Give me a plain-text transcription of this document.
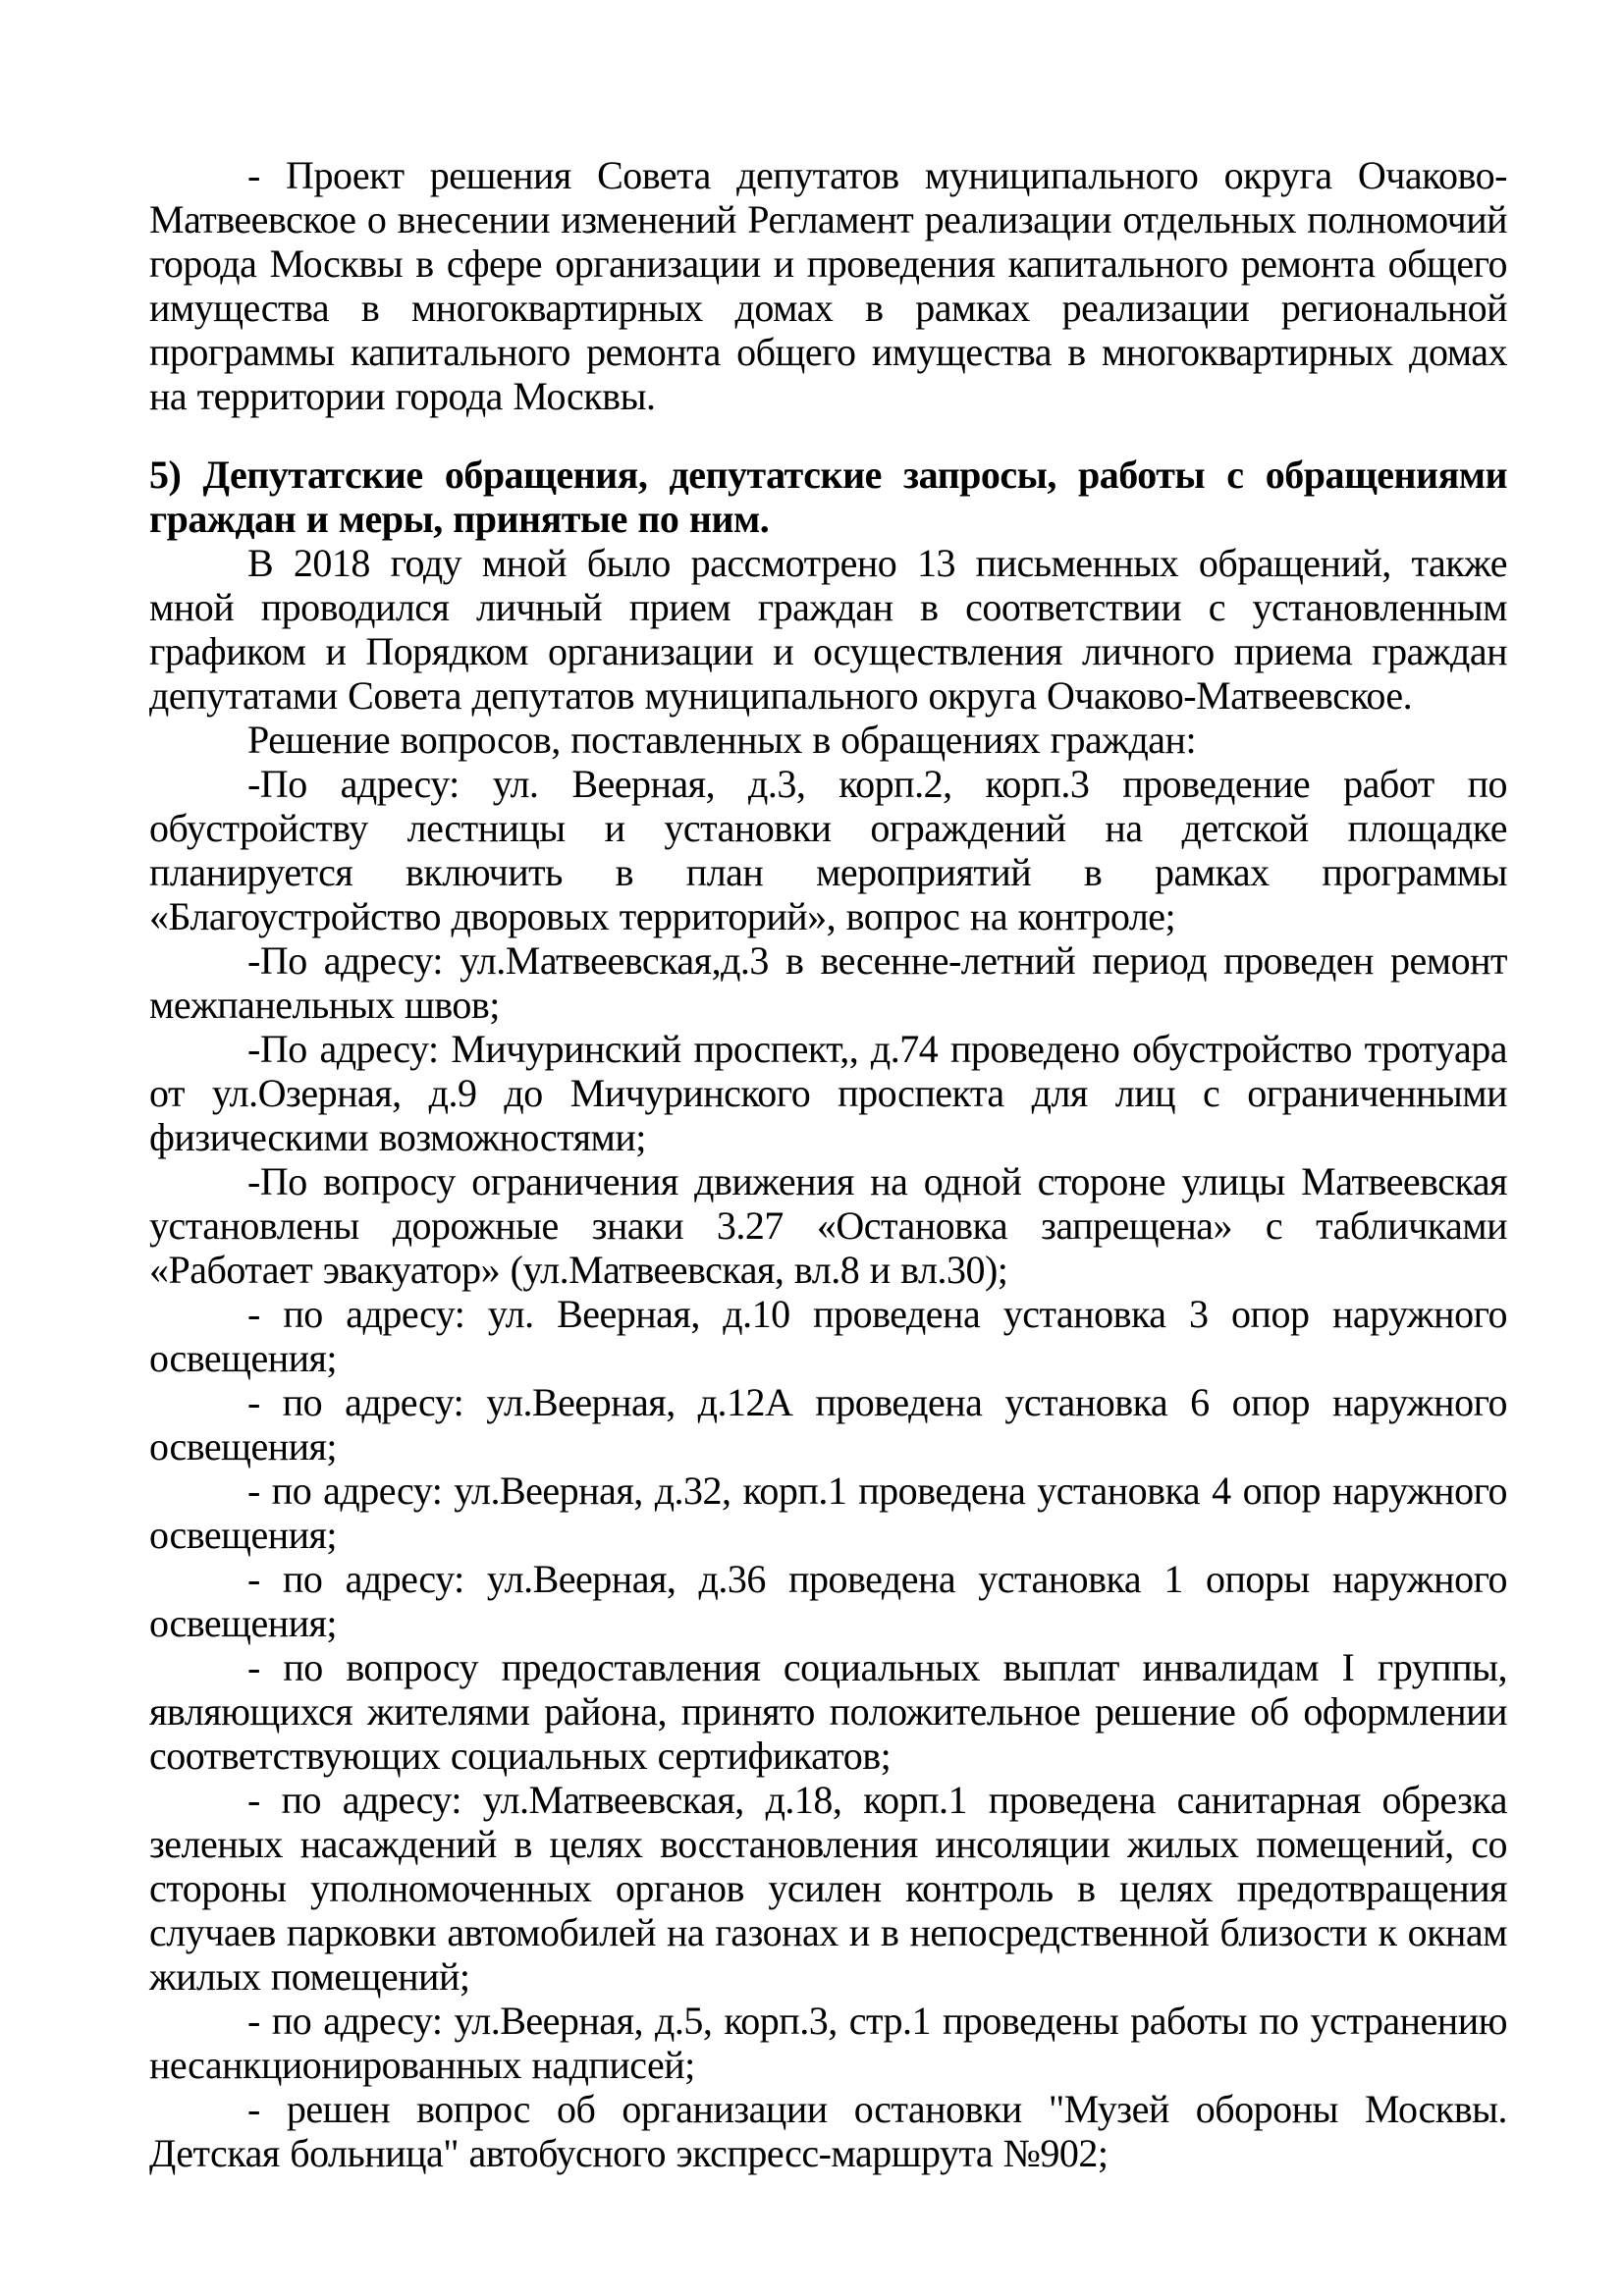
- Проект решения Совета депутатов муниципального округа Очаково-Матвеевское о внесении изменений Регламент реализации отдельных полномочий города Москвы в сфере организации и проведения капитального ремонта общего имущества в многоквартирных домах в рамках реализации региональной программы капитального ремонта общего имущества в многоквартирных домах на территории города Москвы.

5) Депутатские обращения, депутатские запросы, работы с обращениями граждан и меры, принятые по ним.

В 2018 году мной было рассмотрено 13 письменных обращений, также мной проводился личный прием граждан в соответствии с установленным графиком и Порядком организации и осуществления личного приема граждан депутатами Совета депутатов муниципального округа Очаково-Матвеевское.

Решение вопросов, поставленных в обращениях граждан:

-По адресу: ул. Веерная, д.3, корп.2, корп.3 проведение работ по обустройству лестницы и установки ограждений на детской площадке планируется включить в план мероприятий в рамках программы «Благоустройство дворовых территорий», вопрос на контроле;

-По адресу: ул.Матвеевская,д.3 в весенне-летний период проведен ремонт межпанельных швов;

-По адресу: Мичуринский проспект,, д.74 проведено обустройство тротуара от ул.Озерная, д.9 до Мичуринского проспекта для лиц с ограниченными физическими возможностями;

-По вопросу ограничения движения на одной стороне улицы Матвеевская установлены дорожные знаки 3.27 «Остановка запрещена» с табличками «Работает эвакуатор» (ул.Матвеевская, вл.8 и вл.30);

- по адресу: ул. Веерная, д.10 проведена установка 3 опор наружного освещения;

- по адресу: ул.Веерная, д.12А проведена установка 6 опор наружного освещения;

- по адресу: ул.Веерная, д.32, корп.1 проведена установка 4 опор наружного освещения;

- по адресу: ул.Веерная, д.36 проведена установка 1 опоры наружного освещения;

- по вопросу предоставления социальных выплат инвалидам I группы, являющихся жителями района, принято положительное решение об оформлении соответствующих социальных сертификатов;

- по адресу: ул.Матвеевская, д.18, корп.1 проведена санитарная обрезка зеленых насаждений в целях восстановления инсоляции жилых помещений, со стороны уполномоченных органов усилен контроль в целях предотвращения случаев парковки автомобилей на газонах и в непосредственной близости к окнам жилых помещений;

- по адресу: ул.Веерная, д.5, корп.3, стр.1 проведены работы по устранению несанкционированных надписей;

- решен вопрос об организации остановки "Музей обороны Москвы. Детская больница" автобусного экспресс-маршрута №902;
